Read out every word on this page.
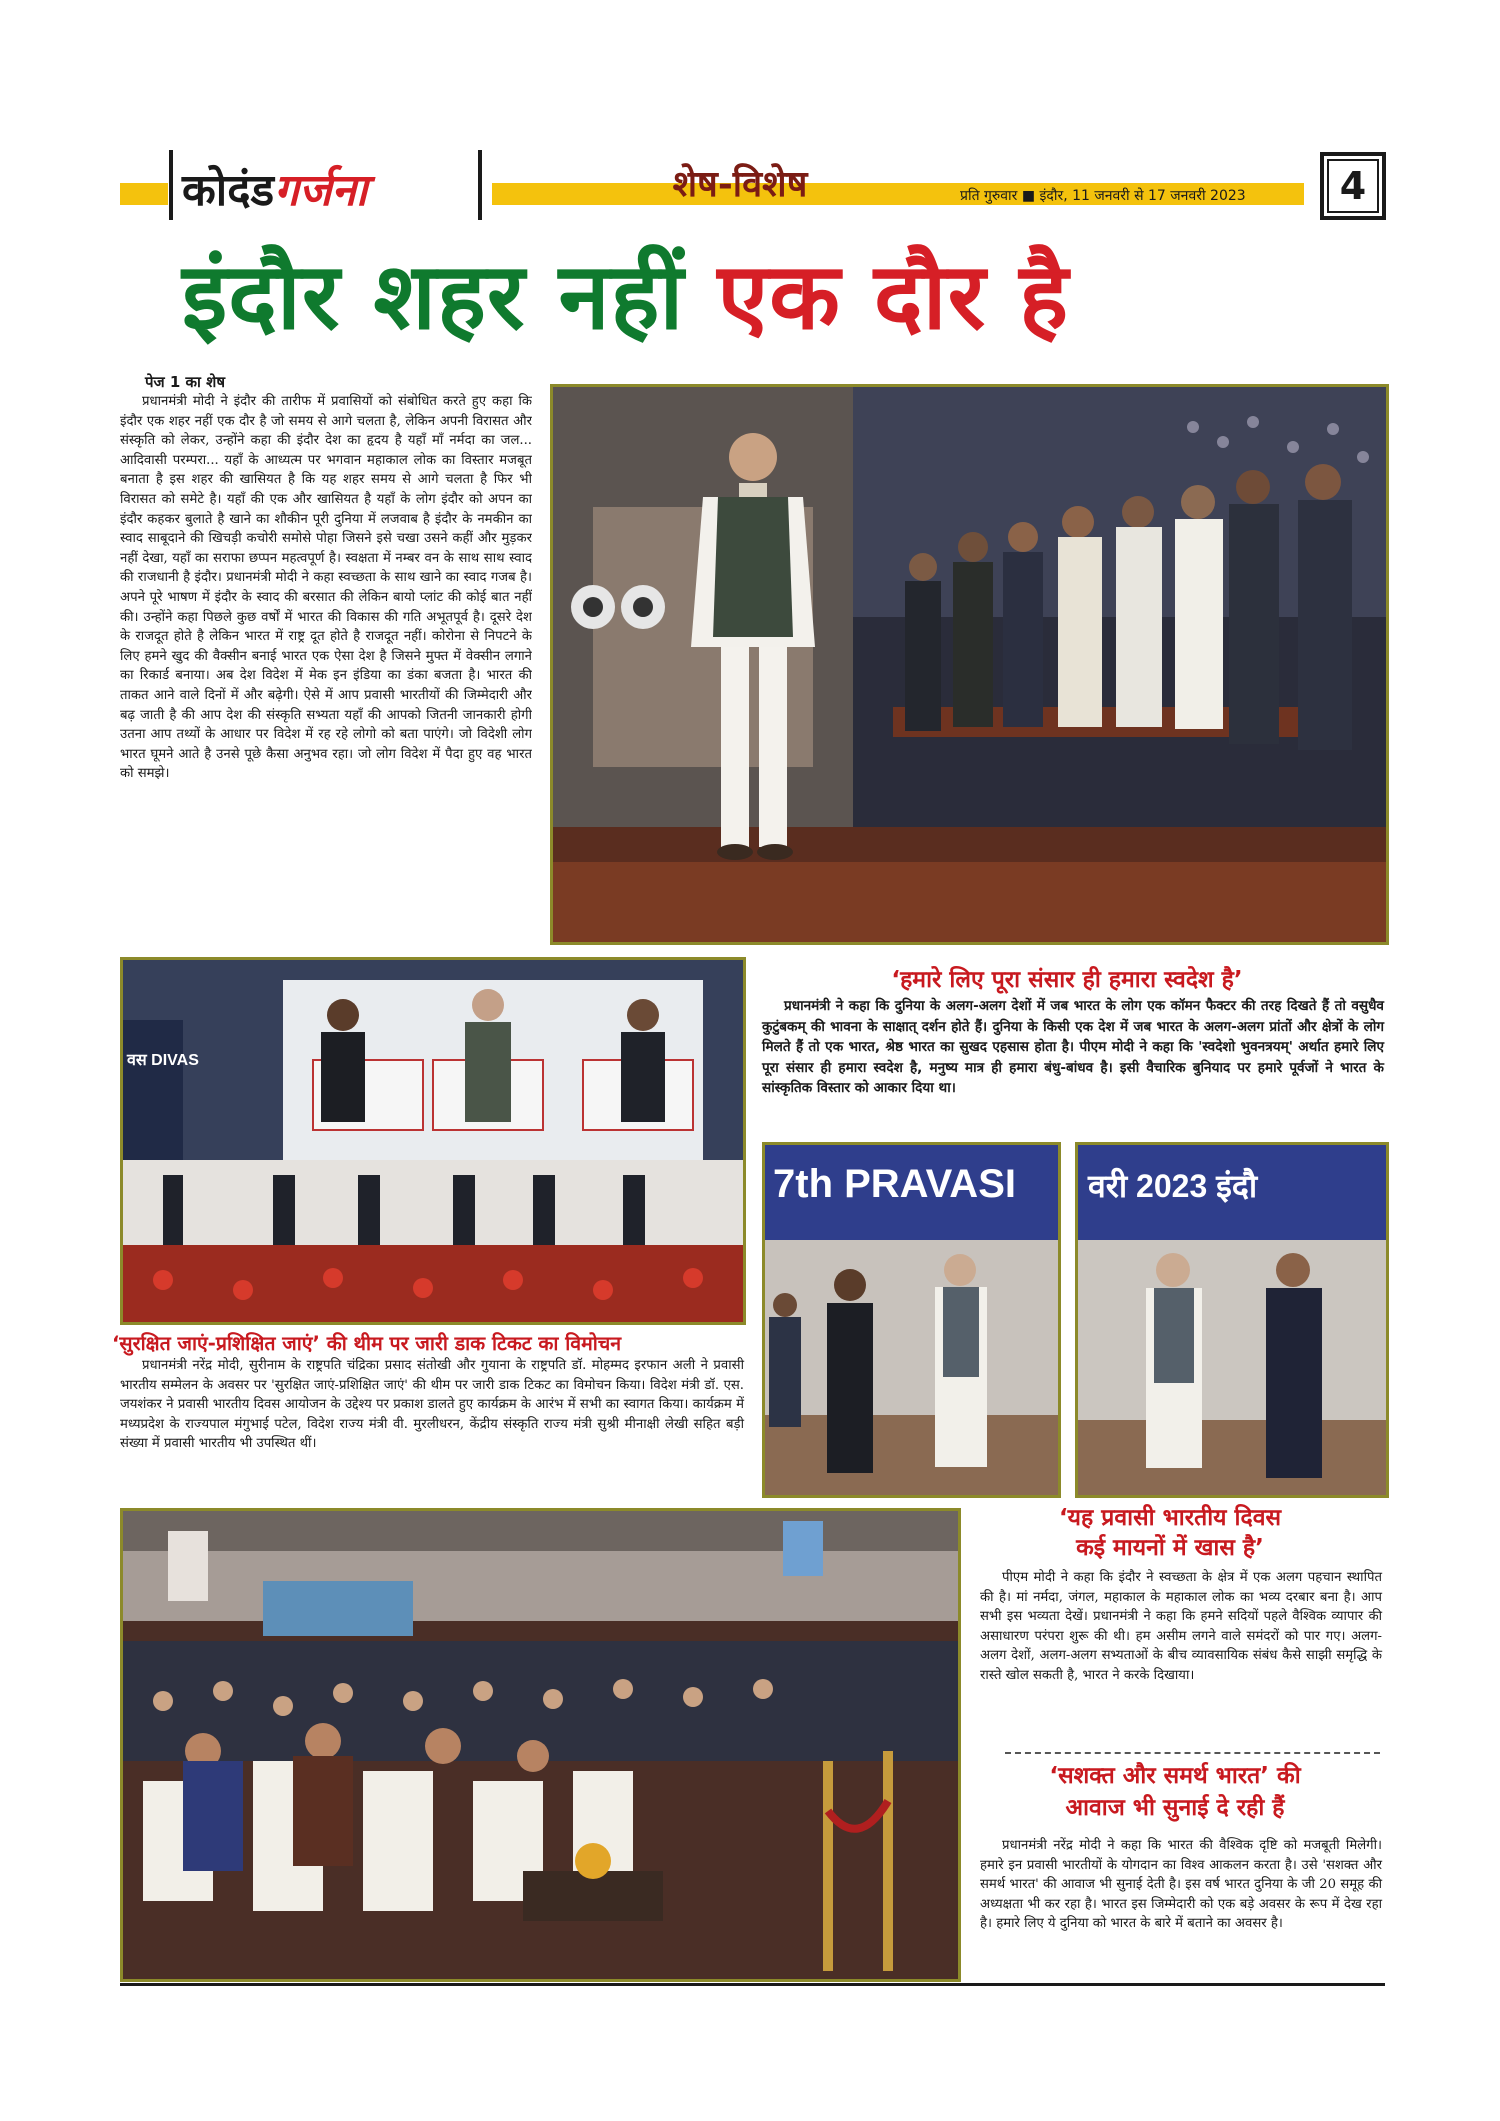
कोदंडगर्जना	शेष-विशेष	प्रति गुरुवार ■ इंदौर, 11 जनवरी से 17 जनवरी 2023	4
इंदौर शहर नहीं एक दौर है
पेज 1 का शेष

प्रधानमंत्री मोदी ने इंदौर की तारीफ में प्रवासियों को संबोधित करते हुए कहा कि इंदौर एक शहर नहीं एक दौर है जो समय से आगे चलता है, लेकिन अपनी विरासत और संस्कृति को लेकर, उन्होंने कहा की इंदौर देश का हृदय है यहाँ माँ नर्मदा का जल... आदिवासी परम्परा... यहाँ के आध्यत्म पर भगवान महाकाल लोक का विस्तार मजबूत बनाता है इस शहर की खासियत है कि यह शहर समय से आगे चलता है फिर भी विरासत को समेटे है। यहाँ की एक और खासियत है यहाँ के लोग इंदौर को अपन का इंदौर कहकर बुलाते है खाने का शौकीन पूरी दुनिया में लजवाब है इंदौर के नमकीन का स्वाद साबूदाने की खिचड़ी कचोरी समोसे पोहा जिसने इसे चखा उसने कहीं और मुड़कर नहीं देखा, यहाँ का सराफा छप्पन महत्वपूर्ण है। स्वक्षता में नम्बर वन के साथ साथ स्वाद की राजधानी है इंदौर। प्रधानमंत्री मोदी ने कहा स्वच्छता के साथ खाने का स्वाद गजब है। अपने पूरे भाषण में इंदौर के स्वाद की बरसात की लेकिन बायो प्लांट की कोई बात नहीं की। उन्होंने कहा पिछले कुछ वर्षों में भारत की विकास की गति अभूतपूर्व है। दूसरे देश के राजदूत होते है लेकिन भारत में राष्ट्र दूत होते है राजदूत नहीं। कोरोना से निपटने के लिए हमने खुद की वैक्सीन बनाई भारत एक ऐसा देश है जिसने मुफ्त में वेक्सीन लगाने का रिकार्ड बनाया। अब देश विदेश में मेक इन इंडिया का डंका बजता है। भारत की ताकत आने वाले दिनों में और बढ़ेगी। ऐसे में आप प्रवासी भारतीयों की जिम्मेदारी और बढ़ जाती है की आप देश की संस्कृति सभ्यता यहाँ की आपको जितनी जानकारी होगी उतना आप तथ्यों के आधार पर विदेश में रह रहे लोगो को बता पाएंगे। जो विदेशी लोग भारत घूमने आते है उनसे पूछे कैसा अनुभव रहा। जो लोग विदेश में पैदा हुए वह भारत को समझे।

वस DIVAS
‘हमारे लिए पूरा संसार ही हमारा स्वदेश है’

प्रधानमंत्री ने कहा कि दुनिया के अलग-अलग देशों में जब भारत के लोग एक कॉमन फैक्टर की तरह दिखते हैं तो वसुधैव कुटुंबकम् की भावना के साक्षात् दर्शन होते हैं। दुनिया के किसी एक देश में जब भारत के अलग-अलग प्रांतों और क्षेत्रों के लोग मिलते हैं तो एक भारत, श्रेष्ठ भारत का सुखद एहसास होता है। पीएम मोदी ने कहा कि 'स्वदेशो भुवनत्रयम्' अर्थात हमारे लिए पूरा संसार ही हमारा स्वदेश है, मनुष्य मात्र ही हमारा बंधु-बांधव है। इसी वैचारिक बुनियाद पर हमारे पूर्वजों ने भारत के सांस्कृतिक विस्तार को आकार दिया था।

‘सुरक्षित जाएं-प्रशिक्षित जाएं’ की थीम पर जारी डाक टिकट का विमोचन

प्रधानमंत्री नरेंद्र मोदी, सुरीनाम के राष्ट्रपति चंद्रिका प्रसाद संतोखी और गुयाना के राष्ट्रपति डॉ. मोहम्मद इरफान अली ने प्रवासी भारतीय सम्मेलन के अवसर पर 'सुरक्षित जाएं-प्रशिक्षित जाएं' की थीम पर जारी डाक टिकट का विमोचन किया। विदेश मंत्री डॉ. एस. जयशंकर ने प्रवासी भारतीय दिवस आयोजन के उद्देश्य पर प्रकाश डालते हुए कार्यक्रम के आरंभ में सभी का स्वागत किया। कार्यक्रम में मध्यप्रदेश के राज्यपाल मंगुभाई पटेल, विदेश राज्य मंत्री वी. मुरलीधरन, केंद्रीय संस्कृति राज्य मंत्री सुश्री मीनाक्षी लेखी सहित बड़ी संख्या में प्रवासी भारतीय भी उपस्थित थीं।

7th PRAVASI वरी 2023 इंदौ
‘यह प्रवासी भारतीय दिवस
कई मायनों में खास है’

पीएम मोदी ने कहा कि इंदौर ने स्वच्छता के क्षेत्र में एक अलग पहचान स्थापित की है। मां नर्मदा, जंगल, महाकाल के महाकाल लोक का भव्य दरबार बना है। आप सभी इस भव्यता देखें। प्रधानमंत्री ने कहा कि हमने सदियों पहले वैश्विक व्यापार की असाधारण परंपरा शुरू की थी। हम असीम लगने वाले समंदरों को पार गए। अलग-अलग देशों, अलग-अलग सभ्यताओं के बीच व्यावसायिक संबंध कैसे साझी समृद्धि के रास्ते खोल सकती है, भारत ने करके दिखाया।

‘सशक्त और समर्थ भारत’ की
आवाज भी सुनाई दे रही हैं

प्रधानमंत्री नरेंद्र मोदी ने कहा कि भारत की वैश्विक दृष्टि को मजबूती मिलेगी। हमारे इन प्रवासी भारतीयों के योगदान का विश्व आकलन करता है। उसे 'सशक्त और समर्थ भारत' की आवाज भी सुनाई देती है। इस वर्ष भारत दुनिया के जी 20 समूह की अध्यक्षता भी कर रहा है। भारत इस जिम्मेदारी को एक बड़े अवसर के रूप में देख रहा है। हमारे लिए ये दुनिया को भारत के बारे में बताने का अवसर है।
